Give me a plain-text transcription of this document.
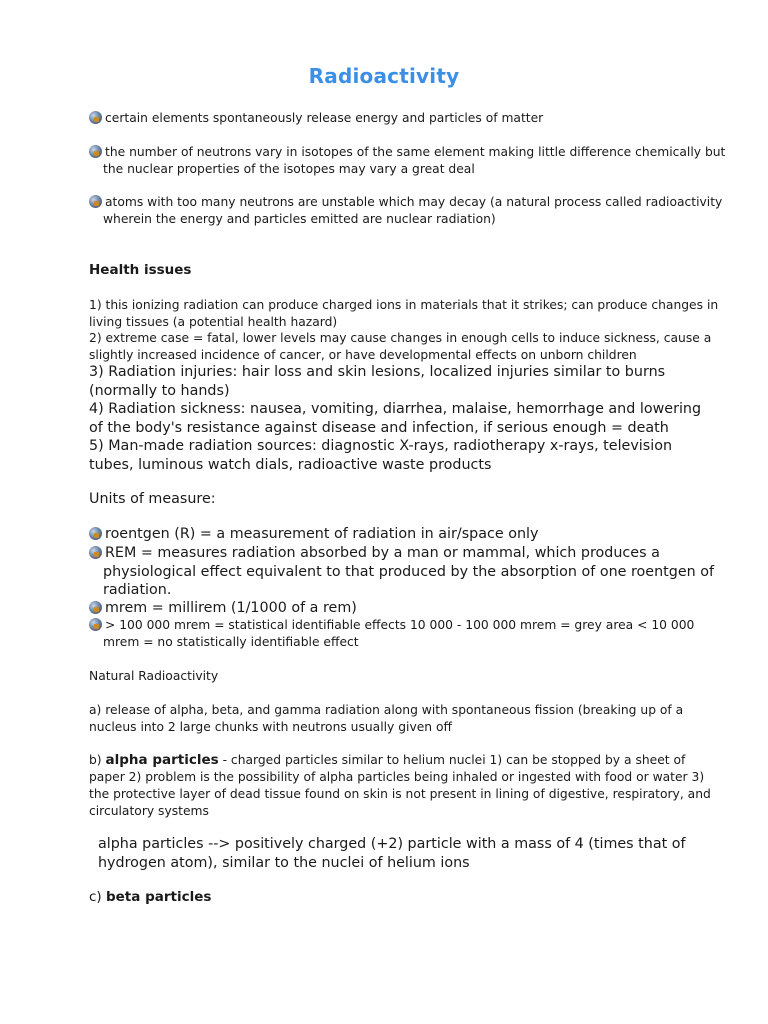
Radioactivity

certain elements spontaneously release energy and particles of matter

the number of neutrons vary in isotopes of the same element making little difference chemically but the nuclear properties of the isotopes may vary a great deal

atoms with too many neutrons are unstable which may decay (a natural process called radioactivity wherein the energy and particles emitted are nuclear radiation)

Health issues

1) this ionizing radiation can produce charged ions in materials that it strikes; can produce changes in living tissues (a potential health hazard)

2) extreme case = fatal, lower levels may cause changes in enough cells to induce sickness, cause a slightly increased incidence of cancer, or have developmental effects on unborn children

3) Radiation injuries: hair loss and skin lesions, localized injuries similar to burns (normally to hands)

4) Radiation sickness: nausea, vomiting, diarrhea, malaise, hemorrhage and lowering of the body's resistance against disease and infection, if serious enough = death

5) Man-made radiation sources: diagnostic X-rays, radiotherapy x-rays, television tubes, luminous watch dials, radioactive waste products

Units of measure:

roentgen (R) = a measurement of radiation in air/space only

REM = measures radiation absorbed by a man or mammal, which produces a physiological effect equivalent to that produced by the absorption of one roentgen of radiation.

mrem = millirem (1/1000 of a rem)

> 100 000 mrem = statistical identifiable effects 10 000 - 100 000 mrem = grey area < 10 000 mrem = no statistically identifiable effect

Natural Radioactivity

a) release of alpha, beta, and gamma radiation along with spontaneous fission (breaking up of a nucleus into 2 large chunks with neutrons usually given off

b) alpha particles - charged particles similar to helium nuclei 1) can be stopped by a sheet of paper 2) problem is the possibility of alpha particles being inhaled or ingested with food or water 3) the protective layer of dead tissue found on skin is not present in lining of digestive, respiratory, and circulatory systems

alpha particles --> positively charged (+2) particle with a mass of 4 (times that of hydrogen atom), similar to the nuclei of helium ions

c) beta particles
